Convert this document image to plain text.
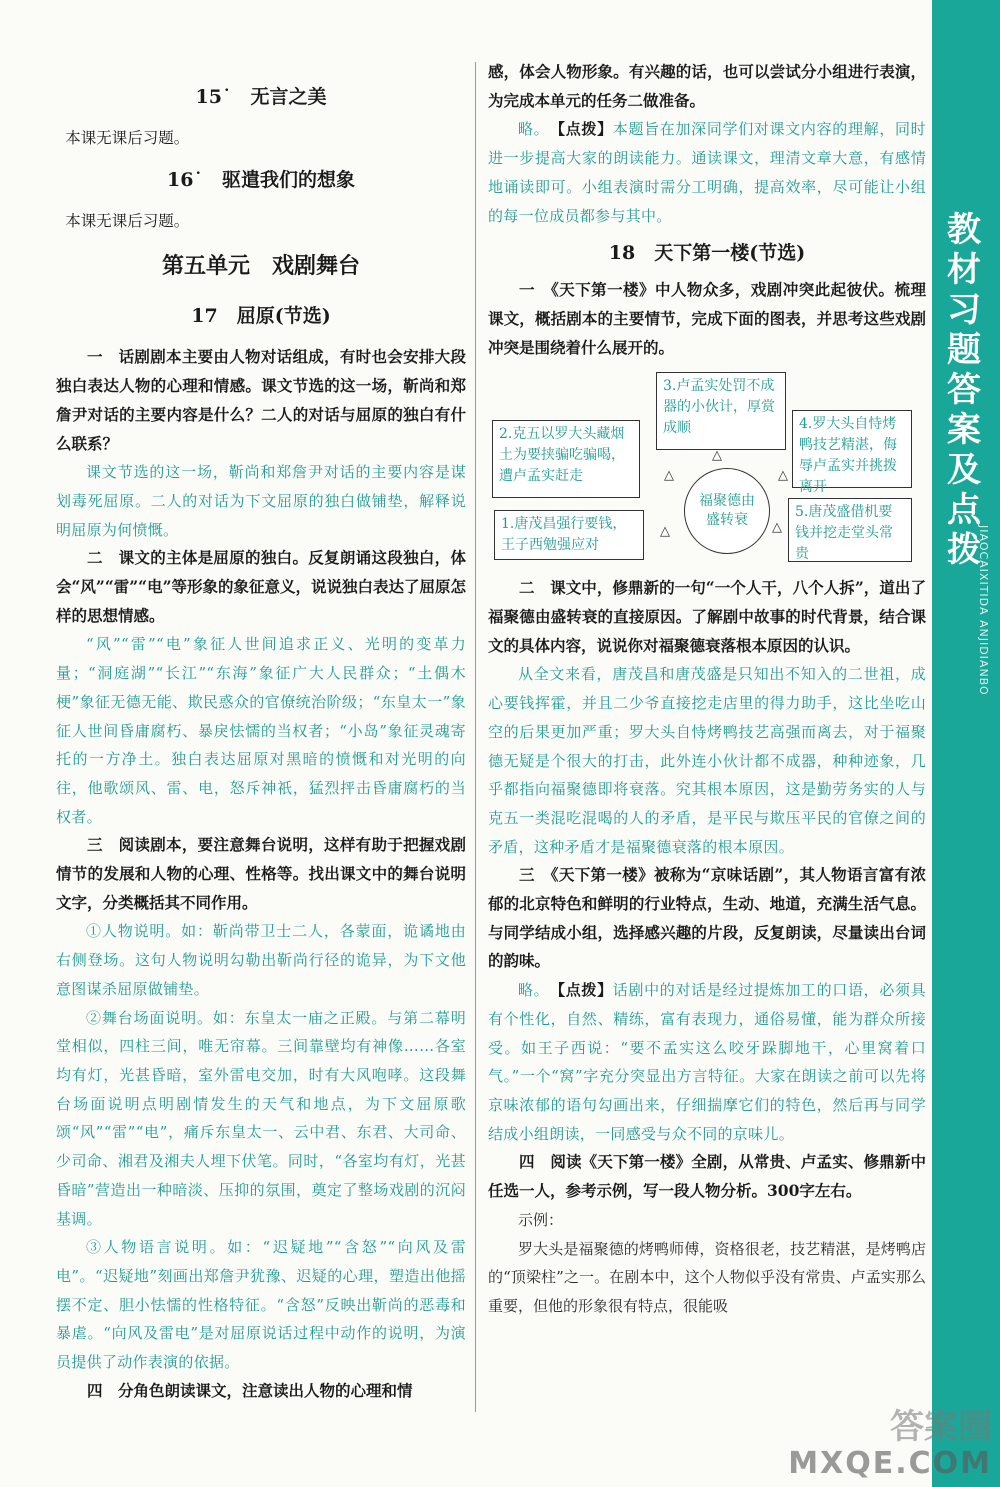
教材习题答案及点拨
JIAOCAIXITIDA ANJIDIANBO

15˙　无言之美

本课无课后习题。

16˙　驱遣我们的想象

本课无课后习题。

第五单元　戏剧舞台

17　屈原(节选)

一　话剧剧本主要由人物对话组成，有时也会安排大段独白表达人物的心理和情感。课文节选的这一场，靳尚和郑詹尹对话的主要内容是什么？二人的对话与屈原的独白有什么联系？

课文节选的这一场，靳尚和郑詹尹对话的主要内容是谋划毒死屈原。二人的对话为下文屈原的独白做铺垫，解释说明屈原为何愤慨。

二　课文的主体是屈原的独白。反复朗诵这段独白，体会“风”“雷”“电”等形象的象征意义，说说独白表达了屈原怎样的思想情感。

“风”“雷”“电”象征人世间追求正义、光明的变革力量；“洞庭湖”“长江”“东海”象征广大人民群众；“土偶木梗”象征无德无能、欺民惑众的官僚统治阶级；“东皇太一”象征人世间昏庸腐朽、暴戾怯懦的当权者；“小岛”象征灵魂寄托的一方净土。独白表达屈原对黑暗的愤慨和对光明的向往，他歌颂风、雷、电，怒斥神祇，猛烈抨击昏庸腐朽的当权者。

三　阅读剧本，要注意舞台说明，这样有助于把握戏剧情节的发展和人物的心理、性格等。找出课文中的舞台说明文字，分类概括其不同作用。

①人物说明。如：靳尚带卫士二人，各蒙面，诡谲地由右侧登场。这句人物说明勾勒出靳尚行径的诡异，为下文他意图谋杀屈原做铺垫。

②舞台场面说明。如：东皇太一庙之正殿。与第二幕明堂相似，四柱三间，唯无帘幕。三间靠壁均有神像……各室均有灯，光甚昏暗，室外雷电交加，时有大风咆哮。这段舞台场面说明点明剧情发生的天气和地点，为下文屈原歌颂“风”“雷”“电”，痛斥东皇太一、云中君、东君、大司命、少司命、湘君及湘夫人埋下伏笔。同时，“各室均有灯，光甚昏暗”营造出一种暗淡、压抑的氛围，奠定了整场戏剧的沉闷基调。

③人物语言说明。如：“迟疑地”“含怒”“向风及雷电”。“迟疑地”刻画出郑詹尹犹豫、迟疑的心理，塑造出他摇摆不定、胆小怯懦的性格特征。“含怒”反映出靳尚的恶毒和暴虐。“向风及雷电”是对屈原说话过程中动作的说明，为演员提供了动作表演的依据。

四　分角色朗读课文，注意读出人物的心理和情

感，体会人物形象。有兴趣的话，也可以尝试分小组进行表演，为完成本单元的任务二做准备。

略。　 【点拨】本题旨在加深同学们对课文内容的理解，同时进一步提高大家的朗读能力。通读课文，理清文章大意，有感情地诵读即可。小组表演时需分工明确，提高效率，尽可能让小组的每一位成员都参与其中。

18　天下第一楼(节选)

一　《天下第一楼》中人物众多，戏剧冲突此起彼伏。梳理课文，概括剧本的主要情节，完成下面的图表，并思考这些戏剧冲突是围绕着什么展开的。

3.卢孟实处罚不成器的小伙计，厚赏成顺
2.克五以罗大头藏烟土为要挟骗吃骗喝，遭卢孟实赶走
4.罗大头自恃烤鸭技艺精湛，侮辱卢孟实并挑拨离开
1.唐茂昌强行要钱，王子西勉强应对
5.唐茂盛借机要钱并挖走堂头常贵
福聚德由盛转衰
△
△	△
△	△

二　课文中，修鼎新的一句“一个人干，八个人拆”，道出了福聚德由盛转衰的直接原因。了解剧中故事的时代背景，结合课文的具体内容，说说你对福聚德衰落根本原因的认识。

从全文来看，唐茂昌和唐茂盛是只知出不知入的二世祖，成心要钱挥霍，并且二少爷直接挖走店里的得力助手，这比坐吃山空的后果更加严重；罗大头自恃烤鸭技艺高强而离去，对于福聚德无疑是个很大的打击，此外连小伙计都不成器，种种迹象，几乎都指向福聚德即将衰落。究其根本原因，这是勤劳务实的人与克五一类混吃混喝的人的矛盾，是平民与欺压平民的官僚之间的矛盾，这种矛盾才是福聚德衰落的根本原因。

三　《天下第一楼》被称为“京味话剧”，其人物语言富有浓郁的北京特色和鲜明的行业特点，生动、地道，充满生活气息。与同学结成小组，选择感兴趣的片段，反复朗读，尽量读出台词的韵味。

略。　 【点拨】话剧中的对话是经过提炼加工的口语，必须具有个性化，自然、精练，富有表现力，通俗易懂，能为群众所接受。如王子西说：“要不孟实这么咬牙跺脚地干，心里窝着口气。”一个“窝”字充分突显出方言特征。大家在朗读之前可以先将京味浓郁的语句勾画出来，仔细揣摩它们的特色，然后再与同学结成小组朗读，一同感受与众不同的京味儿。

四　阅读《天下第一楼》全剧，从常贵、卢孟实、修鼎新中任选一人，参考示例，写一段人物分析。300字左右。

示例：

罗大头是福聚德的烤鸭师傅，资格很老，技艺精湛，是烤鸭店的“顶梁柱”之一。在剧本中，这个人物似乎没有常贵、卢孟实那么重要，但他的形象很有特点，很能吸

答案圈
MXQE.COM
